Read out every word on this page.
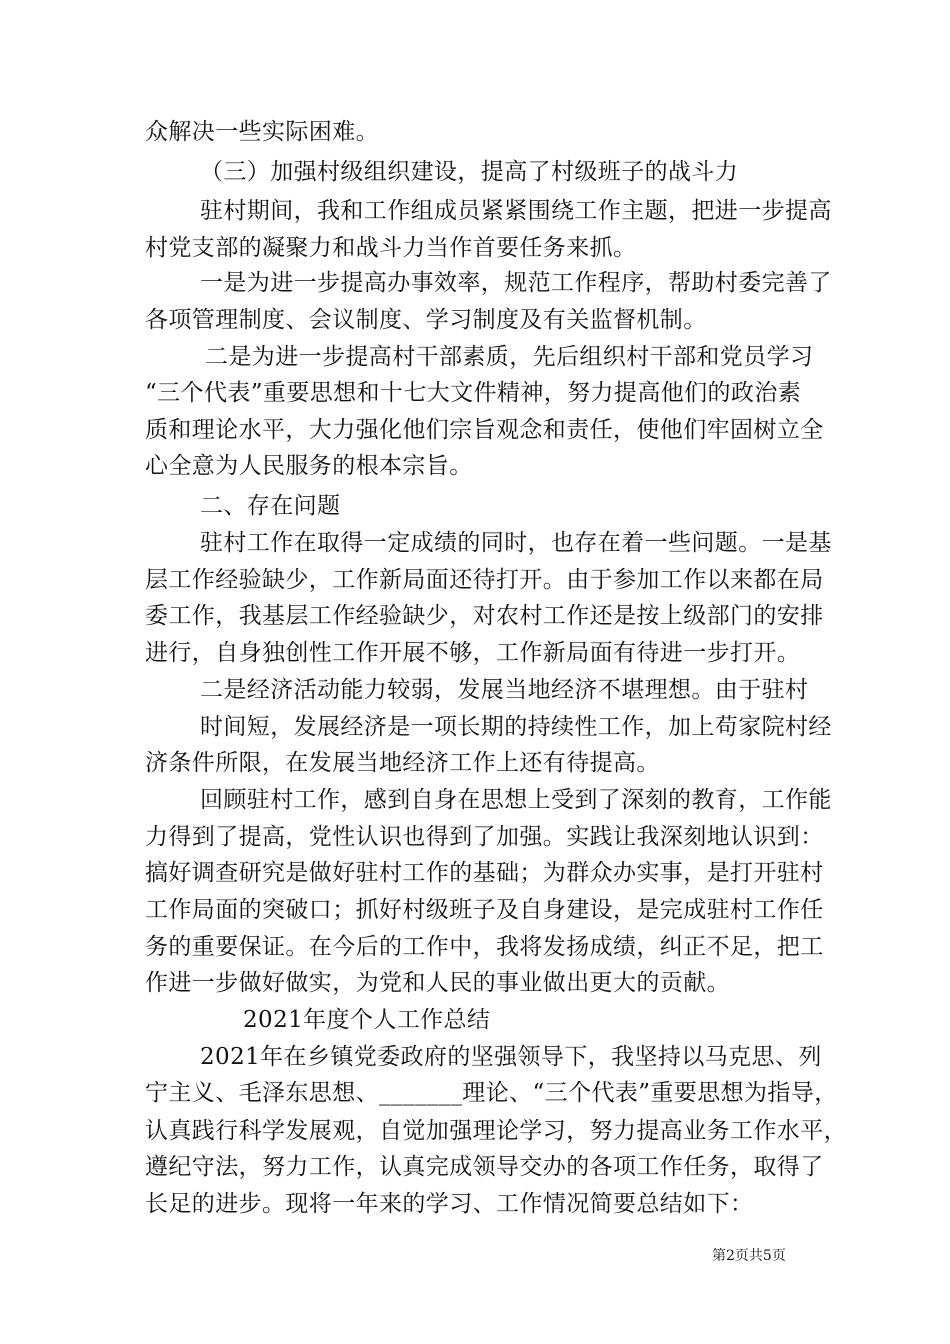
众解决一些实际困难。
（三）加强村级组织建设，提高了村级班子的战斗力
驻村期间，我和工作组成员紧紧围绕工作主题，把进一步提高
村党支部的凝聚力和战斗力当作首要任务来抓。
一是为进一步提高办事效率，规范工作程序，帮助村委完善了
各项管理制度、会议制度、学习制度及有关监督机制。
二是为进一步提高村干部素质，先后组织村干部和党员学习
“三个代表”重要思想和十七大文件精神，努力提高他们的政治素
质和理论水平，大力强化他们宗旨观念和责任，使他们牢固树立全
心全意为人民服务的根本宗旨。
二、存在问题
驻村工作在取得一定成绩的同时，也存在着一些问题。一是基
层工作经验缺少，工作新局面还待打开。由于参加工作以来都在局
委工作，我基层工作经验缺少，对农村工作还是按上级部门的安排
进行，自身独创性工作开展不够，工作新局面有待进一步打开。
二是经济活动能力较弱，发展当地经济不堪理想。由于驻村
时间短，发展经济是一项长期的持续性工作，加上苟家院村经
济条件所限，在发展当地经济工作上还有待提高。
回顾驻村工作，感到自身在思想上受到了深刻的教育，工作能
力得到了提高，党性认识也得到了加强。实践让我深刻地认识到：
搞好调查研究是做好驻村工作的基础；为群众办实事，是打开驻村
工作局面的突破口；抓好村级班子及自身建设，是完成驻村工作任
务的重要保证。在今后的工作中，我将发扬成绩，纠正不足，把工
作进一步做好做实，为党和人民的事业做出更大的贡献。
2021年度个人工作总结
2021年在乡镇党委政府的坚强领导下，我坚持以马克思、列
宁主义、毛泽东思想、_______理论、“三个代表”重要思想为指导，
认真践行科学发展观，自觉加强理论学习，努力提高业务工作水平，
遵纪守法，努力工作，认真完成领导交办的各项工作任务，取得了
长足的进步。现将一年来的学习、工作情况简要总结如下：
第2页共5页
